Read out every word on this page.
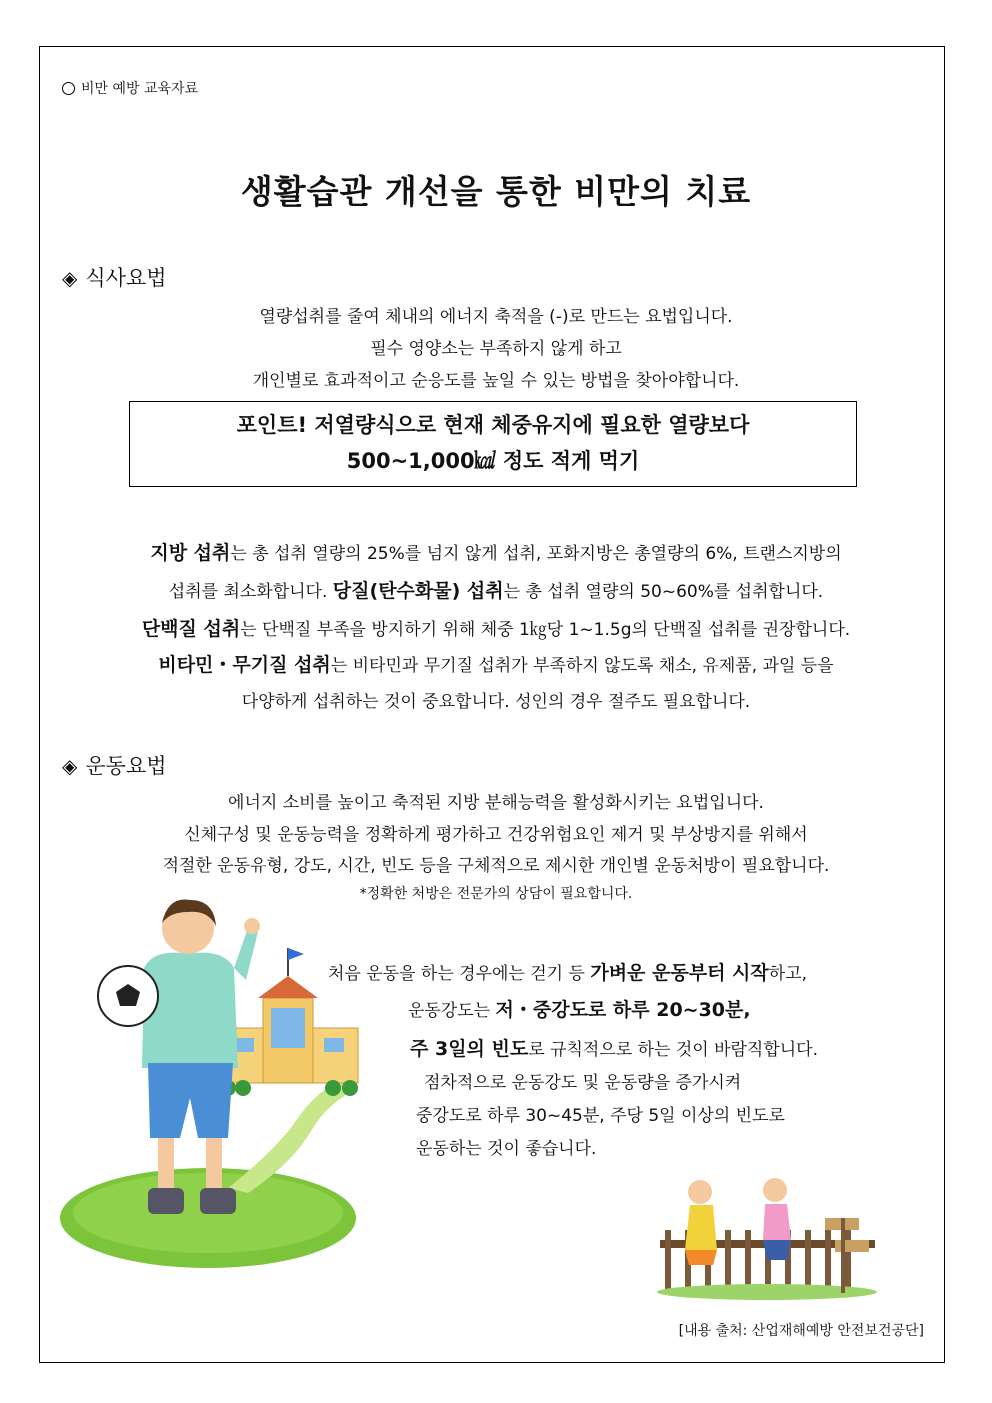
비만 예방 교육자료
생활습관 개선을 통한 비만의 치료
◈ 식사요법
열량섭취를 줄여 체내의 에너지 축적을 (-)로 만드는 요법입니다.
필수 영양소는 부족하지 않게 하고
개인별로 효과적이고 순응도를 높일 수 있는 방법을 찾아야합니다.
포인트! 저열량식으로 현재 체중유지에 필요한 열량보다
500~1,000㎉ 정도 적게 먹기
지방 섭취는 총 섭취 열량의 25%를 넘지 않게 섭취, 포화지방은 총열량의 6%, 트랜스지방의
섭취를 최소화합니다. 당질(탄수화물) 섭취는 총 섭취 열량의 50~60%를 섭취합니다.
단백질 섭취는 단백질 부족을 방지하기 위해 체중 1㎏당 1~1.5g의 단백질 섭취를 권장합니다.
비타민・무기질 섭취는 비타민과 무기질 섭취가 부족하지 않도록 채소, 유제품, 과일 등을
다양하게 섭취하는 것이 중요합니다. 성인의 경우 절주도 필요합니다.
◈ 운동요법
에너지 소비를 높이고 축적된 지방 분해능력을 활성화시키는 요법입니다.
신체구성 및 운동능력을 정확하게 평가하고 건강위험요인 제거 및 부상방지를 위해서
적절한 운동유형, 강도, 시간, 빈도 등을 구체적으로 제시한 개인별 운동처방이 필요합니다.
*정확한 처방은 전문가의 상담이 필요합니다.
처음 운동을 하는 경우에는 걷기 등 가벼운 운동부터 시작하고,
운동강도는 저・중강도로 하루 20~30분,
주 3일의 빈도로 규칙적으로 하는 것이 바람직합니다.
점차적으로 운동강도 및 운동량을 증가시켜
중강도로 하루 30~45분, 주당 5일 이상의 빈도로
운동하는 것이 좋습니다.
[내용 출처: 산업재해예방 안전보건공단]
